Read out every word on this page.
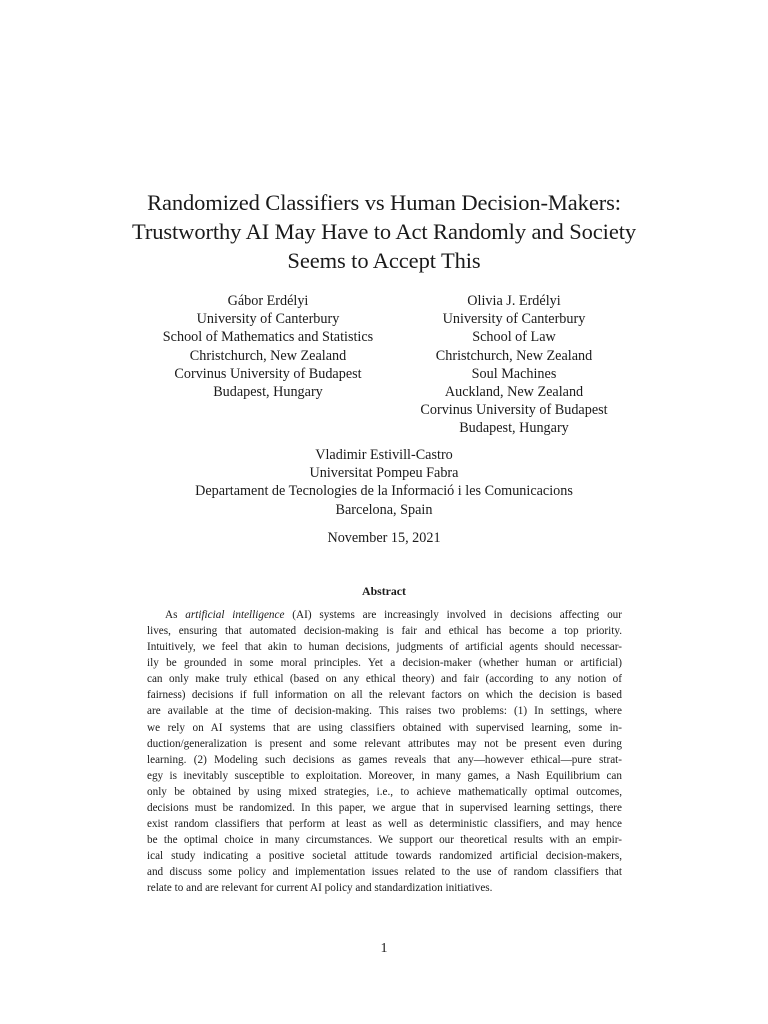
Randomized Classifiers vs Human Decision-Makers:
Trustworthy AI May Have to Act Randomly and Society
Seems to Accept This
Gábor Erdélyi
University of Canterbury
School of Mathematics and Statistics
Christchurch, New Zealand
Corvinus University of Budapest
Budapest, Hungary
Olivia J. Erdélyi
University of Canterbury
School of Law
Christchurch, New Zealand
Soul Machines
Auckland, New Zealand
Corvinus University of Budapest
Budapest, Hungary
Vladimir Estivill-Castro
Universitat Pompeu Fabra
Departament de Tecnologies de la Informació i les Comunicacions
Barcelona, Spain
November 15, 2021
Abstract
As artificial intelligence (AI) systems are increasingly involved in decisions affecting our
lives, ensuring that automated decision-making is fair and ethical has become a top priority.
Intuitively, we feel that akin to human decisions, judgments of artificial agents should necessar-
ily be grounded in some moral principles. Yet a decision-maker (whether human or artificial)
can only make truly ethical (based on any ethical theory) and fair (according to any notion of
fairness) decisions if full information on all the relevant factors on which the decision is based
are available at the time of decision-making. This raises two problems: (1) In settings, where
we rely on AI systems that are using classifiers obtained with supervised learning, some in-
duction/generalization is present and some relevant attributes may not be present even during
learning. (2) Modeling such decisions as games reveals that any—however ethical—pure strat-
egy is inevitably susceptible to exploitation. Moreover, in many games, a Nash Equilibrium can
only be obtained by using mixed strategies, i.e., to achieve mathematically optimal outcomes,
decisions must be randomized. In this paper, we argue that in supervised learning settings, there
exist random classifiers that perform at least as well as deterministic classifiers, and may hence
be the optimal choice in many circumstances. We support our theoretical results with an empir-
ical study indicating a positive societal attitude towards randomized artificial decision-makers,
and discuss some policy and implementation issues related to the use of random classifiers that
relate to and are relevant for current AI policy and standardization initiatives.
1
